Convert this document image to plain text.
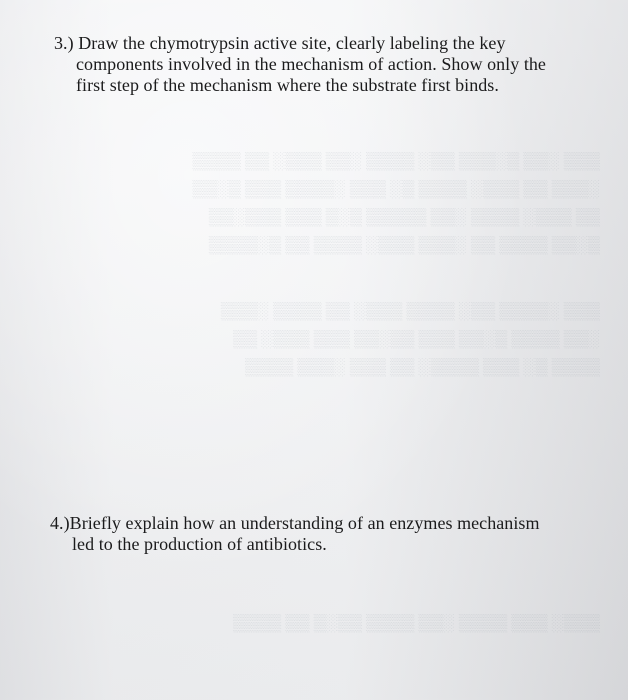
▒▒▒ ░▒▒ ▒░▒▒▒ ▒▒░ ▒▒▒▒ ░▒▒ ▒▒▒░ ▒▒ ▒▒▒▒
░▒▒▒ ▒▒ ▒▒▒░ ▒▒▒▒ ▒░ ▒▒▒ ░▒▒▒▒ ▒▒▒ ▒░▒▒
▒▒ ▒▒▒░ ▒▒▒▒ ░▒▒ ▒▒▒▒▒ ▒░▒ ▒▒▒ ▒▒▒░▒▒
▒░▒▒ ▒▒▒▒ ▒▒ ░▒▒▒ ▒▒▒░ ▒▒▒▒ ▒▒ ▒░▒▒▒▒
▒▒▒ ░▒▒▒▒ ▒▒░ ▒▒▒▒ ▒▒▒░ ▒▒ ▒▒▒▒ ░▒▒▒
░▒▒ ▒▒▒▒ ▒░▒▒ ▒▒▒ ▒▒░▒▒ ▒▒▒ ▒▒▒░ ▒▒
▒▒▒▒ ▒░ ▒▒▒ ▒▒▒▒░ ▒▒ ▒▒▒ ░▒▒▒ ▒▒▒▒
▒▒▒░ ▒▒▒ ▒▒▒▒ ░▒▒ ▒▒▒▒ ▒▒░▒ ▒▒ ▒▒▒▒
3.) Draw the chymotrypsin active site, clearly labeling the key
components involved in the mechanism of action. Show only the
first step of the mechanism where the substrate first binds.
4.)Briefly explain how an understanding of an enzymes mechanism
led to the production of antibiotics.
